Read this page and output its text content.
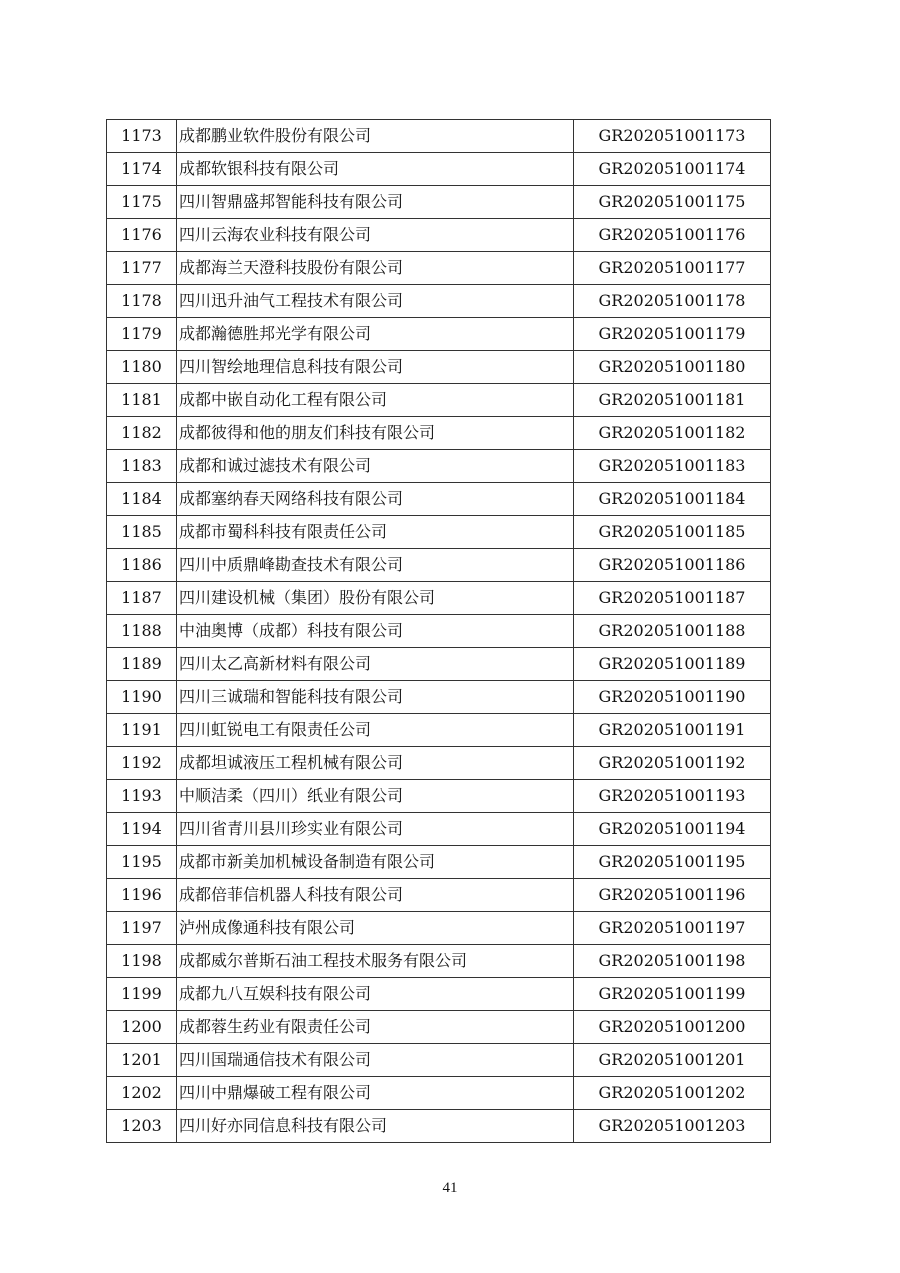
1173	成都鹏业软件股份有限公司	GR202051001173
1174	成都软银科技有限公司	GR202051001174
1175	四川智鼎盛邦智能科技有限公司	GR202051001175
1176	四川云海农业科技有限公司	GR202051001176
1177	成都海兰天澄科技股份有限公司	GR202051001177
1178	四川迅升油气工程技术有限公司	GR202051001178
1179	成都瀚德胜邦光学有限公司	GR202051001179
1180	四川智绘地理信息科技有限公司	GR202051001180
1181	成都中嵌自动化工程有限公司	GR202051001181
1182	成都彼得和他的朋友们科技有限公司	GR202051001182
1183	成都和诚过滤技术有限公司	GR202051001183
1184	成都塞纳春天网络科技有限公司	GR202051001184
1185	成都市蜀科科技有限责任公司	GR202051001185
1186	四川中质鼎峰勘查技术有限公司	GR202051001186
1187	四川建设机械（集团）股份有限公司	GR202051001187
1188	中油奥博（成都）科技有限公司	GR202051001188
1189	四川太乙高新材料有限公司	GR202051001189
1190	四川三诚瑞和智能科技有限公司	GR202051001190
1191	四川虹锐电工有限责任公司	GR202051001191
1192	成都坦诚液压工程机械有限公司	GR202051001192
1193	中顺洁柔（四川）纸业有限公司	GR202051001193
1194	四川省青川县川珍实业有限公司	GR202051001194
1195	成都市新美加机械设备制造有限公司	GR202051001195
1196	成都倍菲信机器人科技有限公司	GR202051001196
1197	泸州成像通科技有限公司	GR202051001197
1198	成都威尔普斯石油工程技术服务有限公司	GR202051001198
1199	成都九八互娱科技有限公司	GR202051001199
1200	成都蓉生药业有限责任公司	GR202051001200
1201	四川国瑞通信技术有限公司	GR202051001201
1202	四川中鼎爆破工程有限公司	GR202051001202
1203	四川好亦同信息科技有限公司	GR202051001203
41
